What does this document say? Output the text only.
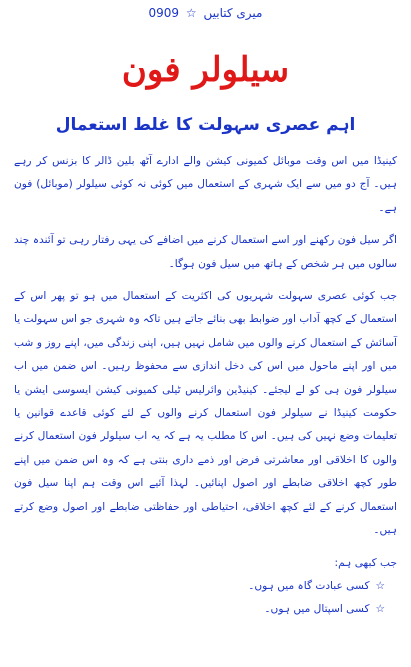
میری کتابیں ☆ 0909
سیلولر فون
اہم عصری سہولت کا غلط استعمال

کینیڈا میں اس وقت موبائل کمیونی کیشن والے ادارے آٹھ بلین ڈالر کا بزنس کر رہے ہیں۔ آج دو میں سے ایک شہری کے استعمال میں کوئی نہ کوئی سیلولر (موبائل) فون ہے۔

اگر سیل فون رکھنے اور اسے استعمال کرنے میں اضافے کی یہی رفتار رہی تو آئندہ چند سالوں میں ہر شخص کے ہاتھ میں سیل فون ہوگا۔

جب کوئی عصری سہولت شہریوں کی اکثریت کے استعمال میں ہو تو پھر اس کے استعمال کے کچھ آداب اور ضوابط بھی بنائے جاتے ہیں تاکہ وہ شہری جو اس سہولت یا آسائش کے استعمال کرنے والوں میں شامل نہیں ہیں، اپنی زندگی میں، اپنے روز و شب میں اور اپنے ماحول میں اس کی دخل اندازی سے محفوظ رہیں۔ اس ضمن میں اب سیلولر فون ہی کو لے لیجئے۔ کینیڈین وائرلیس ٹیلی کمیونی کیشن ایسوسی ایشن یا حکومت کینیڈا نے سیلولر فون استعمال کرنے والوں کے لئے کوئی قاعدے قوانین یا تعلیمات وضع نہیں کی ہیں۔ اس کا مطلب یہ ہے کہ یہ اب سیلولر فون استعمال کرنے والوں کا اخلاقی اور معاشرتی فرض اور ذمے داری بنتی ہے کہ وہ اس ضمن میں اپنے طور کچھ اخلاقی ضابطے اور اصول اپنائیں۔ لہذا آئیے اس وقت ہم اپنا سیل فون استعمال کرنے کے لئے کچھ اخلاقی، احتیاطی اور حفاظتی ضابطے اور اصول وضع کرتے ہیں۔

جب کبھی ہم:

☆کسی عبادت گاہ میں ہوں۔

☆کسی اسپتال میں ہوں۔
